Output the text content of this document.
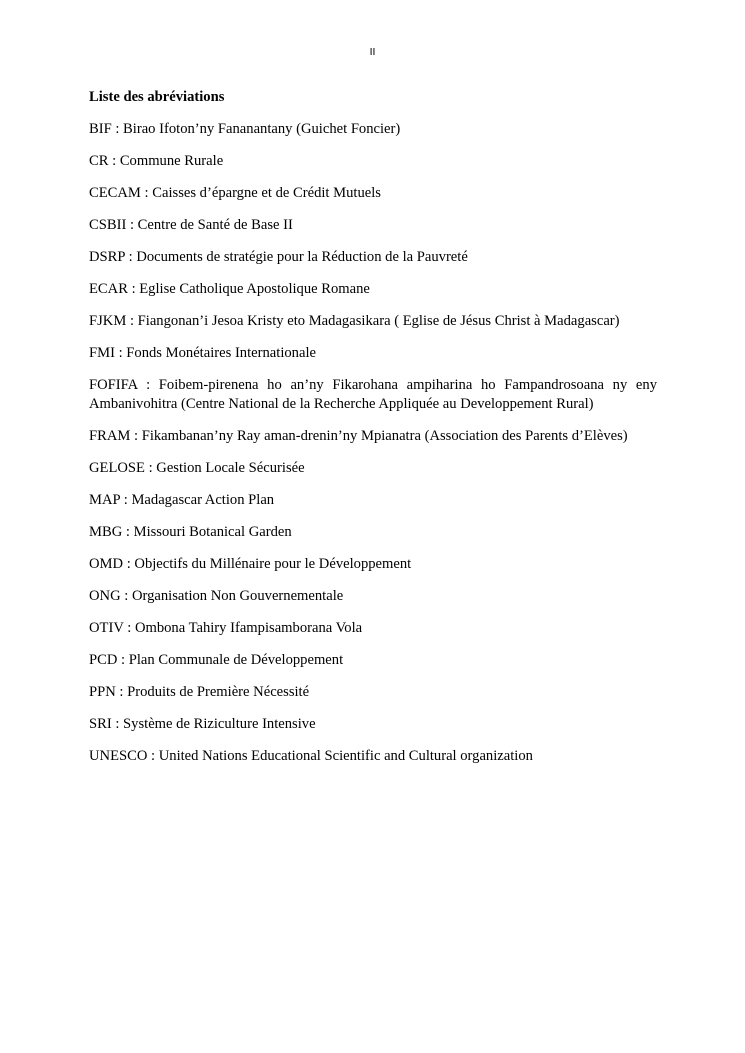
II
Liste des abréviations
BIF : Birao Ifoton’ny Fananantany (Guichet Foncier)
CR : Commune Rurale
CECAM : Caisses d’épargne et de Crédit Mutuels
CSBII : Centre de Santé de Base II
DSRP : Documents de stratégie pour la Réduction de la Pauvreté
ECAR : Eglise Catholique Apostolique Romane
FJKM : Fiangonan’i Jesoa Kristy eto Madagasikara ( Eglise de Jésus Christ à Madagascar)
FMI : Fonds Monétaires Internationale
FOFIFA : Foibem-pirenena ho an’ny Fikarohana ampiharina ho Fampandrosoana ny eny Ambanivohitra (Centre National de la Recherche Appliquée au Developpement Rural)
FRAM : Fikambanan’ny Ray aman-drenin’ny Mpianatra (Association des Parents d’Elèves)
GELOSE : Gestion Locale Sécurisée
MAP : Madagascar Action Plan
MBG : Missouri Botanical Garden
OMD : Objectifs du Millénaire pour le Développement
ONG : Organisation Non Gouvernementale
OTIV : Ombona Tahiry Ifampisamborana Vola
PCD : Plan Communale de Développement
PPN : Produits de Première Nécessité
SRI : Système de Riziculture Intensive
UNESCO : United Nations Educational Scientific and Cultural organization
